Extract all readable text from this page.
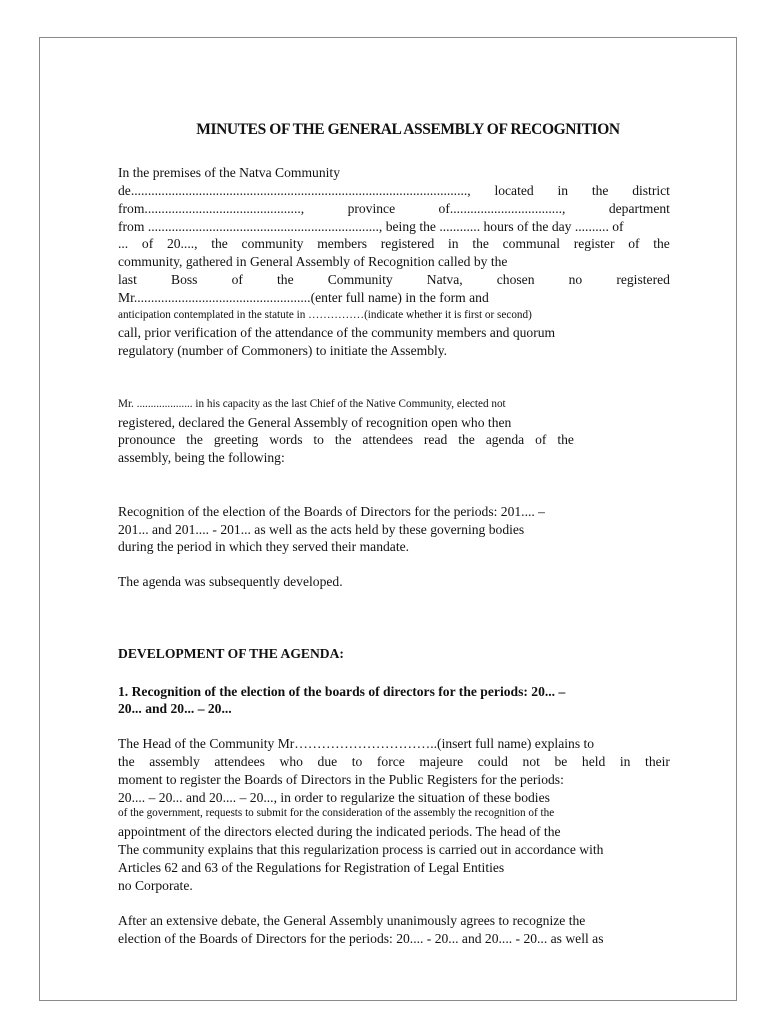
MINUTES OF THE GENERAL ASSEMBLY OF RECOGNITION
In the premises of the Natva Community
de..................................................................................................., located in the district
from..............................................,	province	of.................................,	department
from ...................................................................., being the ............ hours of the day .......... of
... of 20...., the community members registered in the communal register of the
community, gathered in General Assembly of Recognition called by the
last	Boss	of	the	Community	Natva,	chosen	no	registered
Mr....................................................(enter full name) in the form and
anticipation contemplated in the statute in ……………(indicate whether it is first or second)
call, prior verification of the attendance of the community members and quorum
regulatory (number of Commoners) to initiate the Assembly.
Mr. .................... in his capacity as the last Chief of the Native Community, elected not
registered, declared the General Assembly of recognition open who then
pronounce the greeting words to the attendees read the agenda of the
assembly, being the following:
Recognition of the election of the Boards of Directors for the periods: 201.... –
201... and 201.... - 201... as well as the acts held by these governing bodies
during the period in which they served their mandate.
The agenda was subsequently developed.
DEVELOPMENT OF THE AGENDA:
1. Recognition of the election of the boards of directors for the periods: 20... –
20... and 20... – 20...
The Head of the Community Mr…………………………..(insert full name) explains to
the assembly attendees who due to force majeure could not be held in their
moment to register the Boards of Directors in the Public Registers for the periods:
20.... – 20... and 20.... – 20..., in order to regularize the situation of these bodies
of the government, requests to submit for the consideration of the assembly the recognition of the
appointment of the directors elected during the indicated periods. The head of the
The community explains that this regularization process is carried out in accordance with
Articles 62 and 63 of the Regulations for Registration of Legal Entities
no Corporate.
After an extensive debate, the General Assembly unanimously agrees to recognize the
election of the Boards of Directors for the periods: 20.... - 20... and 20.... - 20... as well as
